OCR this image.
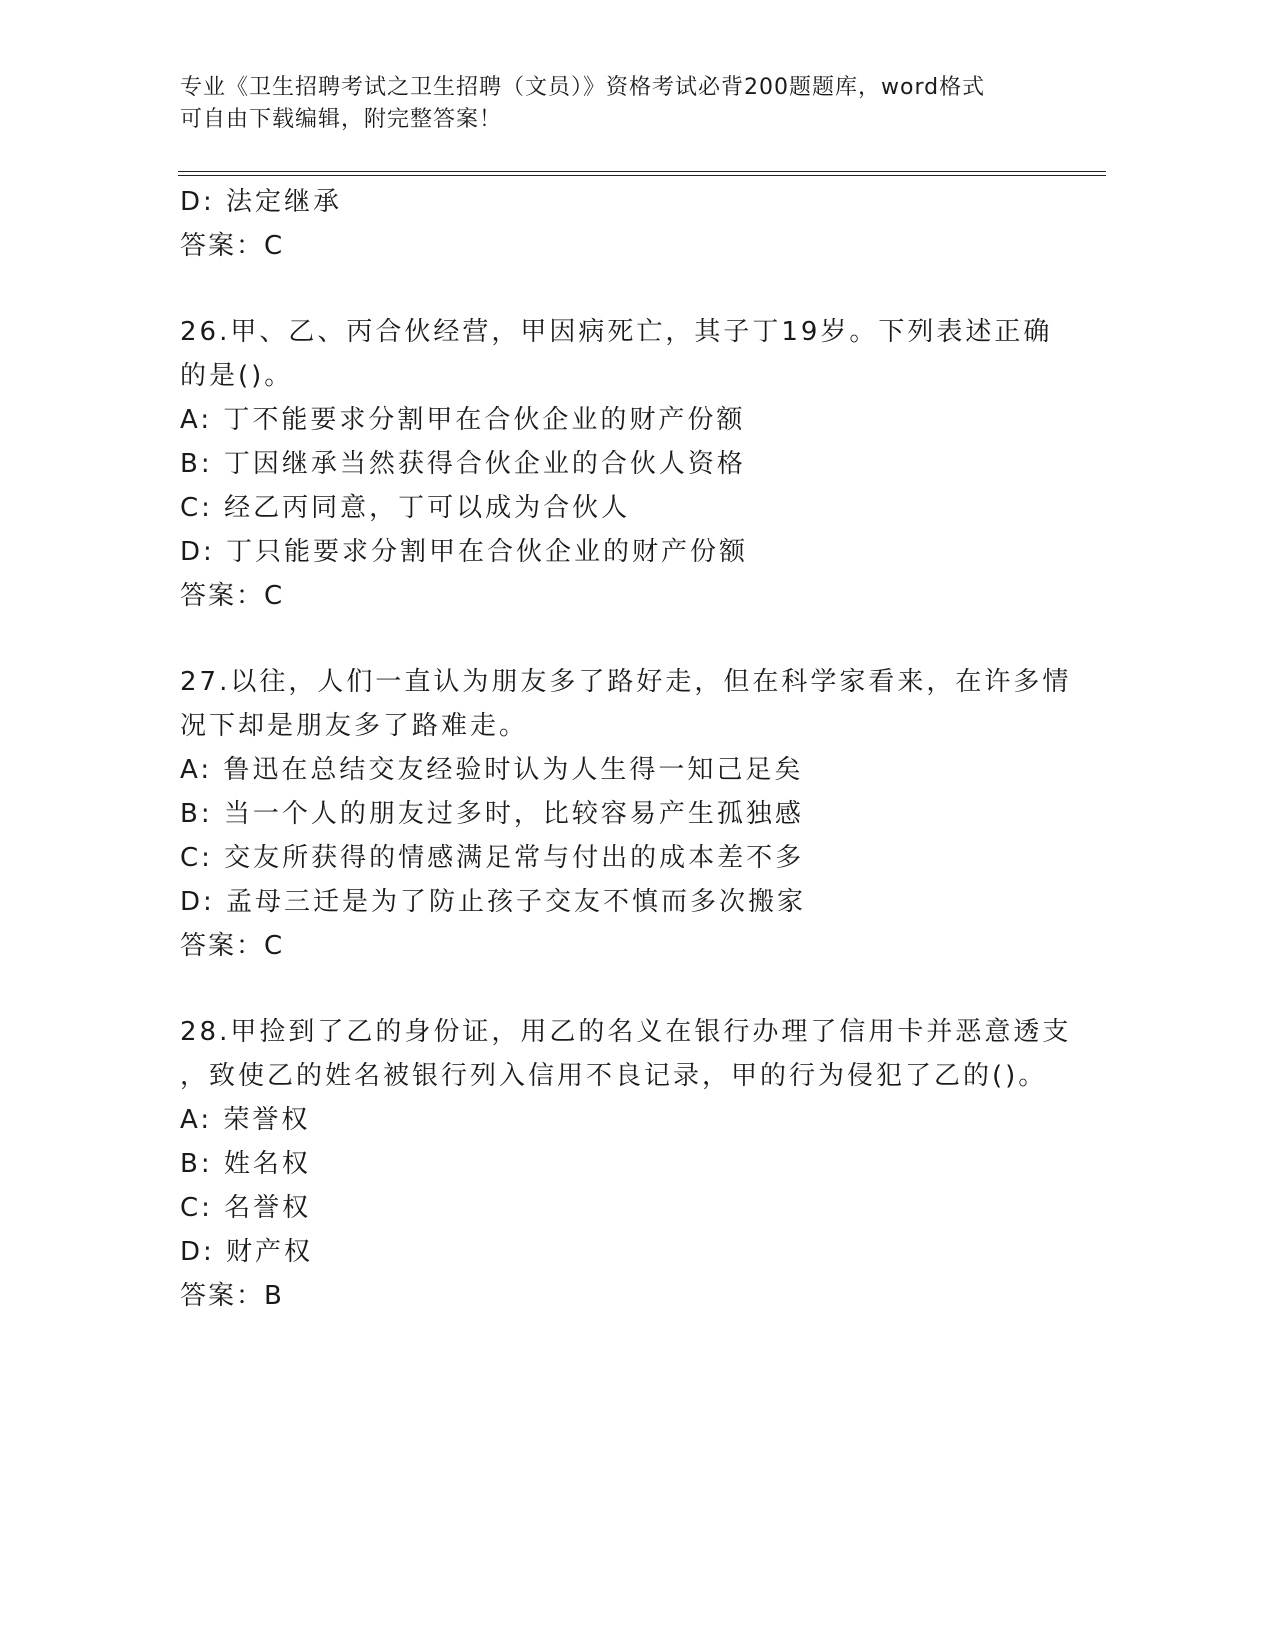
专业《卫生招聘考试之卫生招聘（文员）》资格考试必背200题题库，word格式
可自由下载编辑，附完整答案！
D: 法定继承
答案：C
26.甲、乙、丙合伙经营，甲因病死亡，其子丁19岁。下列表述正确
的是()。
A: 丁不能要求分割甲在合伙企业的财产份额
B: 丁因继承当然获得合伙企业的合伙人资格
C: 经乙丙同意，丁可以成为合伙人
D: 丁只能要求分割甲在合伙企业的财产份额
答案：C
27.以往，人们一直认为朋友多了路好走，但在科学家看来，在许多情
况下却是朋友多了路难走。
A: 鲁迅在总结交友经验时认为人生得一知己足矣
B: 当一个人的朋友过多时，比较容易产生孤独感
C: 交友所获得的情感满足常与付出的成本差不多
D: 孟母三迁是为了防止孩子交友不慎而多次搬家
答案：C
28.甲捡到了乙的身份证，用乙的名义在银行办理了信用卡并恶意透支
，致使乙的姓名被银行列入信用不良记录，甲的行为侵犯了乙的()。
A: 荣誉权
B: 姓名权
C: 名誉权
D: 财产权
答案：B
